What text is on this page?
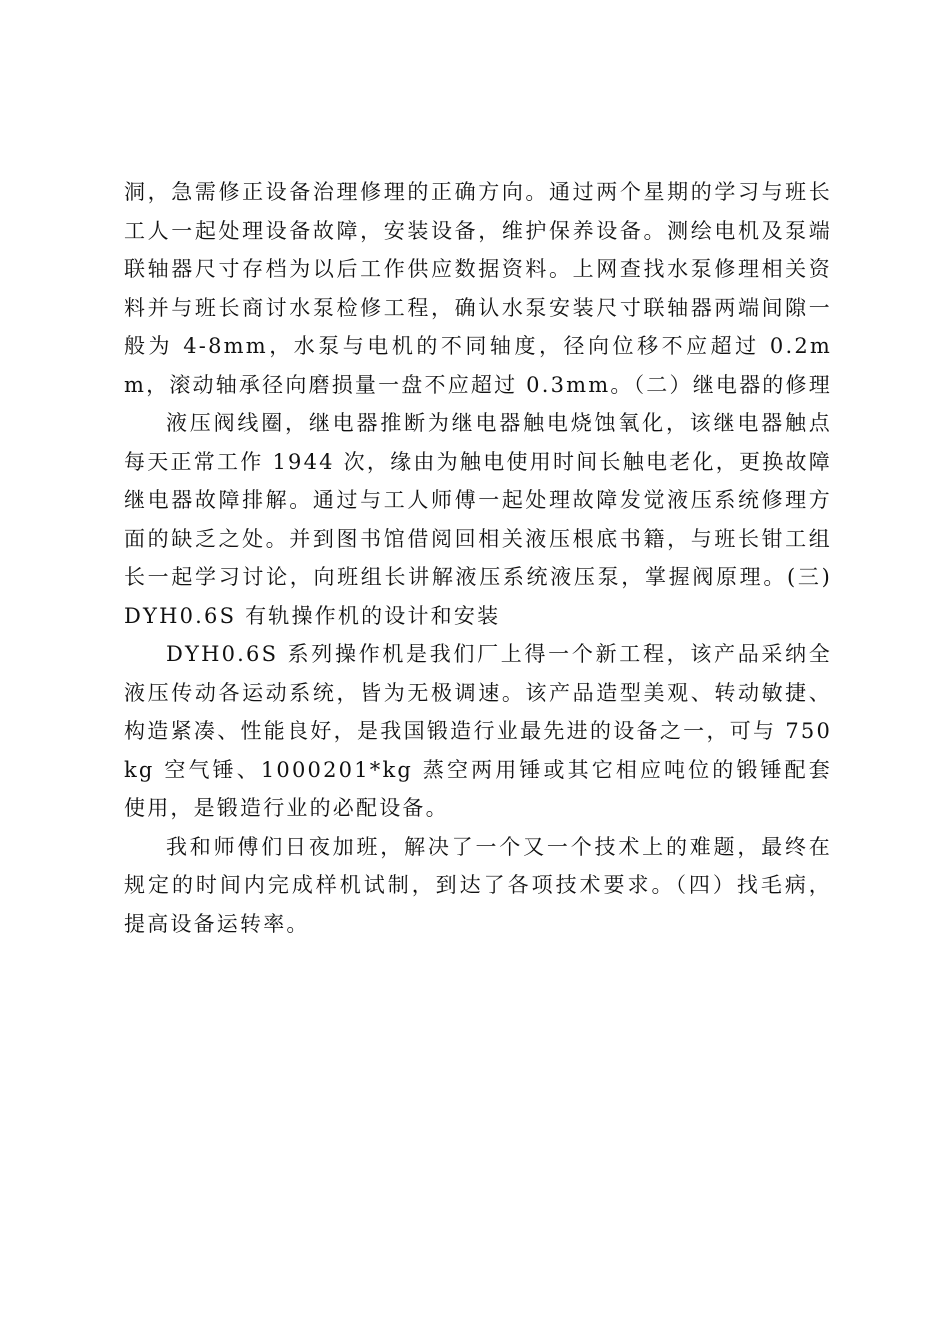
洞，急需修正设备治理修理的正确方向。通过两个星期的学习与班长工人一起处理设备故障，安装设备，维护保养设备。测绘电机及泵端联轴器尺寸存档为以后工作供应数据资料。上网查找水泵修理相关资料并与班长商讨水泵检修工程，确认水泵安装尺寸联轴器两端间隙一般为 4-8mm，水泵与电机的不同轴度，径向位移不应超过 0.2mm，滚动轴承径向磨损量一盘不应超过 0.3mm。（二）继电器的修理

液压阀线圈，继电器推断为继电器触电烧蚀氧化，该继电器触点每天正常工作 1944 次，缘由为触电使用时间长触电老化，更换故障继电器故障排解。通过与工人师傅一起处理故障发觉液压系统修理方面的缺乏之处。并到图书馆借阅回相关液压根底书籍，与班长钳工组长一起学习讨论，向班组长讲解液压系统液压泵，掌握阀原理。(三)DYH0.6S 有轨操作机的设计和安装

DYH0.6S 系列操作机是我们厂上得一个新工程，该产品采纳全液压传动各运动系统，皆为无极调速。该产品造型美观、转动敏捷、构造紧凑、性能良好，是我国锻造行业最先进的设备之一，可与 750kg 空气锤、1000201*kg 蒸空两用锤或其它相应吨位的锻锤配套使用，是锻造行业的必配设备。

我和师傅们日夜加班，解决了一个又一个技术上的难题，最终在规定的时间内完成样机试制，到达了各项技术要求。（四）找毛病，提高设备运转率。
